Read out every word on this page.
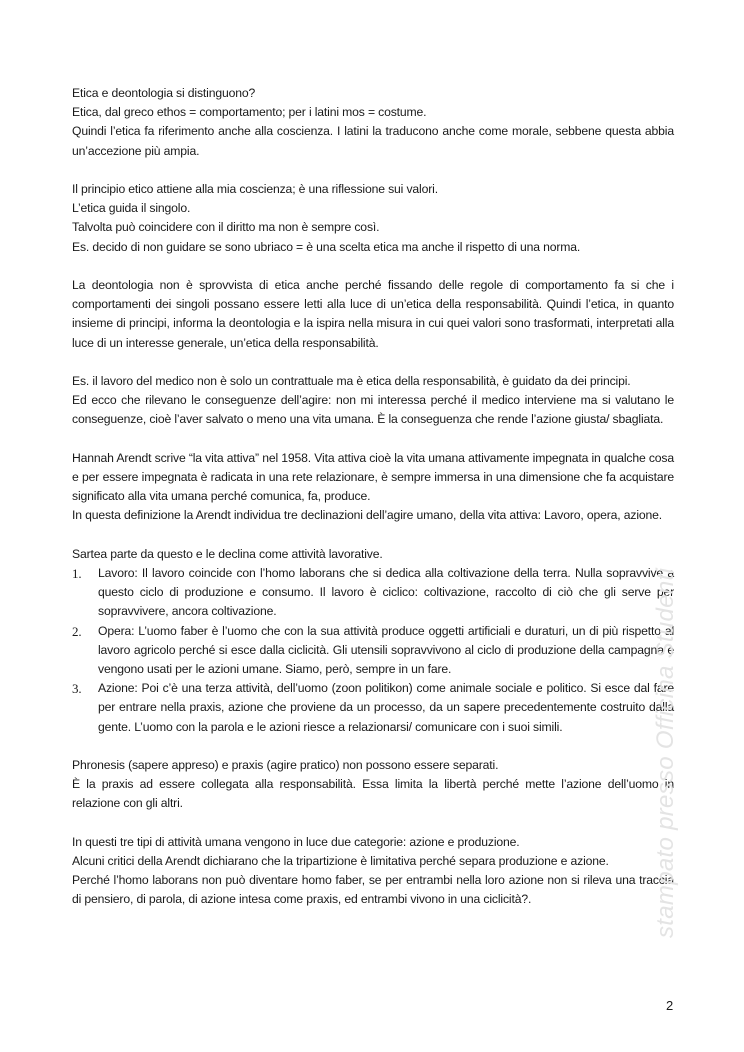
Etica e deontologia si distinguono?

Etica, dal greco ethos = comportamento; per i latini mos = costume.

Quindi l’etica fa riferimento anche alla coscienza. I latini la traducono anche come morale, sebbene questa abbia un’accezione più ampia.

Il principio etico attiene alla mia coscienza; è una riflessione sui valori.

L’etica guida il singolo.

Talvolta può coincidere con il diritto ma non è sempre così.

Es. decido di non guidare se sono ubriaco = è una scelta etica ma anche il rispetto di una norma.

La deontologia non è sprovvista di etica anche perché fissando delle regole di comportamento fa si che i comportamenti dei singoli possano essere letti alla luce di un’etica della responsabilità. Quindi l’etica, in quanto insieme di principi, informa la deontologia e la ispira nella misura in cui quei valori sono trasformati, interpretati alla luce di un interesse generale, un’etica della responsabilità.

Es. il lavoro del medico non è solo un contrattuale ma è etica della responsabilità, è guidato da dei principi.

Ed ecco che rilevano le conseguenze dell’agire: non mi interessa perché il medico interviene ma si valutano le conseguenze, cioè l’aver salvato o meno una vita umana. È la conseguenza che rende l’azione giusta/ sbagliata.

Hannah Arendt scrive “la vita attiva” nel 1958. Vita attiva cioè la vita umana attivamente impegnata in qualche cosa e per essere impegnata è radicata in una rete relazionare, è sempre immersa in una dimensione che fa acquistare significato alla vita umana perché comunica, fa, produce.

In questa definizione la Arendt individua tre declinazioni dell’agire umano, della vita attiva: Lavoro, opera, azione.

Sartea parte da questo e le declina come attività lavorative.

1. Lavoro: Il lavoro coincide con l’homo laborans che si dedica alla coltivazione della terra. Nulla sopravvive a questo ciclo di produzione e consumo. Il lavoro è ciclico: coltivazione, raccolto di ciò che gli serve per sopravvivere, ancora coltivazione.
2. Opera: L’uomo faber è l’uomo che con la sua attività produce oggetti artificiali e duraturi, un di più rispetto al lavoro agricolo perché si esce dalla ciclicità. Gli utensili sopravvivono al ciclo di produzione della campagna e vengono usati per le azioni umane. Siamo, però, sempre in un fare.
3. Azione: Poi c’è una terza attività, dell’uomo (zoon politikon) come animale sociale e politico. Si esce dal fare per entrare nella praxis, azione che proviene da un processo, da un sapere precedentemente costruito dalla gente. L’uomo con la parola e le azioni riesce a relazionarsi/ comunicare con i suoi simili.

Phronesis (sapere appreso) e praxis (agire pratico) non possono essere separati.

È la praxis ad essere collegata alla responsabilità. Essa limita la libertà perché mette l’azione dell’uomo in relazione con gli altri.

In questi tre tipi di attività umana vengono in luce due categorie: azione e produzione.

Alcuni critici della Arendt dichiarano che la tripartizione è limitativa perché separa produzione e azione.

Perché l’homo laborans non può diventare homo faber, se per entrambi nella loro azione non si rileva una traccia di pensiero, di parola, di azione intesa come praxis, ed entrambi vivono in una ciclicità?.	stampato presso Officina Studenti
2
